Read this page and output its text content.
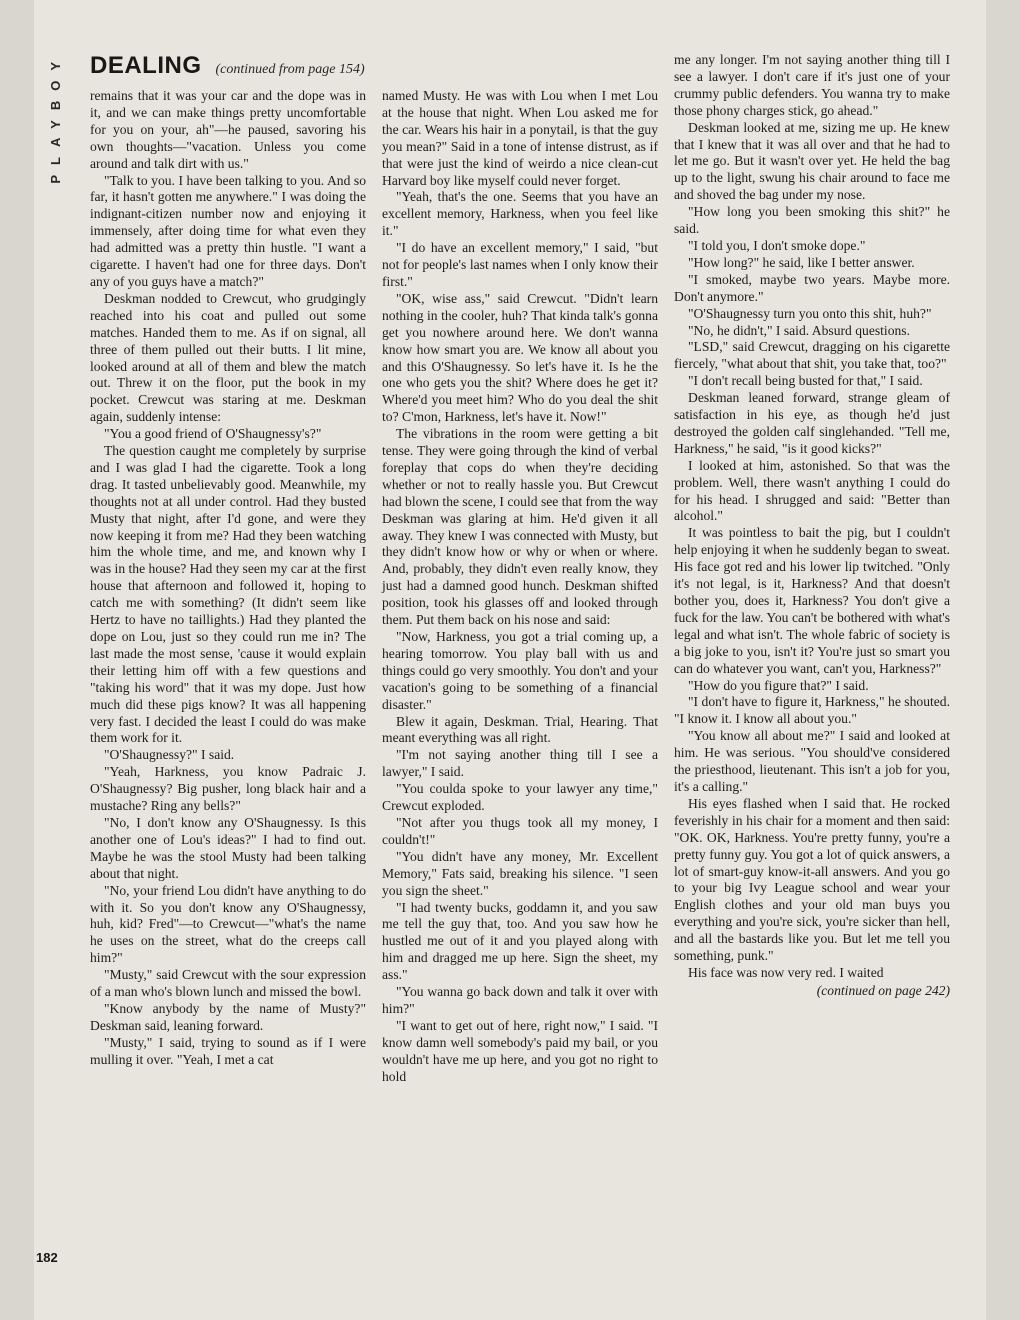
PLAYBOY DEALING (continued from page 154)

remains that it was your car and the dope was in it, and we can make things pretty uncomfortable for you on your, ah"—he paused, savoring his own thoughts—"vacation. Unless you come around and talk dirt with us."

"Talk to you. I have been talking to you. And so far, it hasn't gotten me anywhere." I was doing the indignant-citizen number now and enjoying it immensely, after doing time for what even they had admitted was a pretty thin hustle. "I want a cigarette. I haven't had one for three days. Don't any of you guys have a match?"

Deskman nodded to Crewcut, who grudgingly reached into his coat and pulled out some matches. Handed them to me. As if on signal, all three of them pulled out their butts. I lit mine, looked around at all of them and blew the match out. Threw it on the floor, put the book in my pocket. Crewcut was staring at me. Deskman again, suddenly intense:

"You a good friend of O'Shaugnessy's?"

The question caught me completely by surprise and I was glad I had the cigarette. Took a long drag. It tasted unbelievably good. Meanwhile, my thoughts not at all under control. Had they busted Musty that night, after I'd gone, and were they now keeping it from me? Had they been watching him the whole time, and me, and known why I was in the house? Had they seen my car at the first house that afternoon and followed it, hoping to catch me with something? (It didn't seem like Hertz to have no taillights.) Had they planted the dope on Lou, just so they could run me in? The last made the most sense, 'cause it would explain their letting him off with a few questions and "taking his word" that it was my dope. Just how much did these pigs know? It was all happening very fast. I decided the least I could do was make them work for it.

"O'Shaugnessy?" I said.

"Yeah, Harkness, you know Padraic J. O'Shaugnessy? Big pusher, long black hair and a mustache? Ring any bells?"

"No, I don't know any O'Shaugnessy. Is this another one of Lou's ideas?" I had to find out. Maybe he was the stool Musty had been talking about that night.

"No, your friend Lou didn't have anything to do with it. So you don't know any O'Shaugnessy, huh, kid? Fred"—to Crewcut—"what's the name he uses on the street, what do the creeps call him?"

"Musty," said Crewcut with the sour expression of a man who's blown lunch and missed the bowl.

"Know anybody by the name of Musty?" Deskman said, leaning forward.

"Musty," I said, trying to sound as if I were mulling it over. "Yeah, I met a cat

named Musty. He was with Lou when I met Lou at the house that night. When Lou asked me for the car. Wears his hair in a ponytail, is that the guy you mean?" Said in a tone of intense distrust, as if that were just the kind of weirdo a nice clean-cut Harvard boy like myself could never forget.

"Yeah, that's the one. Seems that you have an excellent memory, Harkness, when you feel like it."

"I do have an excellent memory," I said, "but not for people's last names when I only know their first."

"OK, wise ass," said Crewcut. "Didn't learn nothing in the cooler, huh? That kinda talk's gonna get you nowhere around here. We don't wanna know how smart you are. We know all about you and this O'Shaugnessy. So let's have it. Is he the one who gets you the shit? Where does he get it? Where'd you meet him? Who do you deal the shit to? C'mon, Harkness, let's have it. Now!"

The vibrations in the room were getting a bit tense. They were going through the kind of verbal foreplay that cops do when they're deciding whether or not to really hassle you. But Crewcut had blown the scene, I could see that from the way Deskman was glaring at him. He'd given it all away. They knew I was connected with Musty, but they didn't know how or why or when or where. And, probably, they didn't even really know, they just had a damned good hunch. Deskman shifted position, took his glasses off and looked through them. Put them back on his nose and said:

"Now, Harkness, you got a trial coming up, a hearing tomorrow. You play ball with us and things could go very smoothly. You don't and your vacation's going to be something of a financial disaster."

Blew it again, Deskman. Trial, Hearing. That meant everything was all right.

"I'm not saying another thing till I see a lawyer," I said.

"You coulda spoke to your lawyer any time," Crewcut exploded.

"Not after you thugs took all my money, I couldn't!"

"You didn't have any money, Mr. Excellent Memory," Fats said, breaking his silence. "I seen you sign the sheet."

"I had twenty bucks, goddamn it, and you saw me tell the guy that, too. And you saw how he hustled me out of it and you played along with him and dragged me up here. Sign the sheet, my ass."

"You wanna go back down and talk it over with him?"

"I want to get out of here, right now," I said. "I know damn well somebody's paid my bail, or you wouldn't have me up here, and you got no right to hold

me any longer. I'm not saying another thing till I see a lawyer. I don't care if it's just one of your crummy public defenders. You wanna try to make those phony charges stick, go ahead."

Deskman looked at me, sizing me up. He knew that I knew that it was all over and that he had to let me go. But it wasn't over yet. He held the bag up to the light, swung his chair around to face me and shoved the bag under my nose.

"How long you been smoking this shit?" he said.

"I told you, I don't smoke dope."

"How long?" he said, like I better answer.

"I smoked, maybe two years. Maybe more. Don't anymore."

"O'Shaugnessy turn you onto this shit, huh?"

"No, he didn't," I said. Absurd questions.

"LSD," said Crewcut, dragging on his cigarette fiercely, "what about that shit, you take that, too?"

"I don't recall being busted for that," I said.

Deskman leaned forward, strange gleam of satisfaction in his eye, as though he'd just destroyed the golden calf singlehanded. "Tell me, Harkness," he said, "is it good kicks?"

I looked at him, astonished. So that was the problem. Well, there wasn't anything I could do for his head. I shrugged and said: "Better than alcohol."

It was pointless to bait the pig, but I couldn't help enjoying it when he suddenly began to sweat. His face got red and his lower lip twitched. "Only it's not legal, is it, Harkness? And that doesn't bother you, does it, Harkness? You don't give a fuck for the law. You can't be bothered with what's legal and what isn't. The whole fabric of society is a big joke to you, isn't it? You're just so smart you can do whatever you want, can't you, Harkness?"

"How do you figure that?" I said.

"I don't have to figure it, Harkness," he shouted. "I know it. I know all about you."

"You know all about me?" I said and looked at him. He was serious. "You should've considered the priesthood, lieutenant. This isn't a job for you, it's a calling."

His eyes flashed when I said that. He rocked feverishly in his chair for a moment and then said: "OK. OK, Harkness. You're pretty funny, you're a pretty funny guy. You got a lot of quick answers, a lot of smart-guy know-it-all answers. And you go to your big Ivy League school and wear your English clothes and your old man buys you everything and you're sick, you're sicker than hell, and all the bastards like you. But let me tell you something, punk."

His face was now very red. I waited

(continued on page 242)
182
